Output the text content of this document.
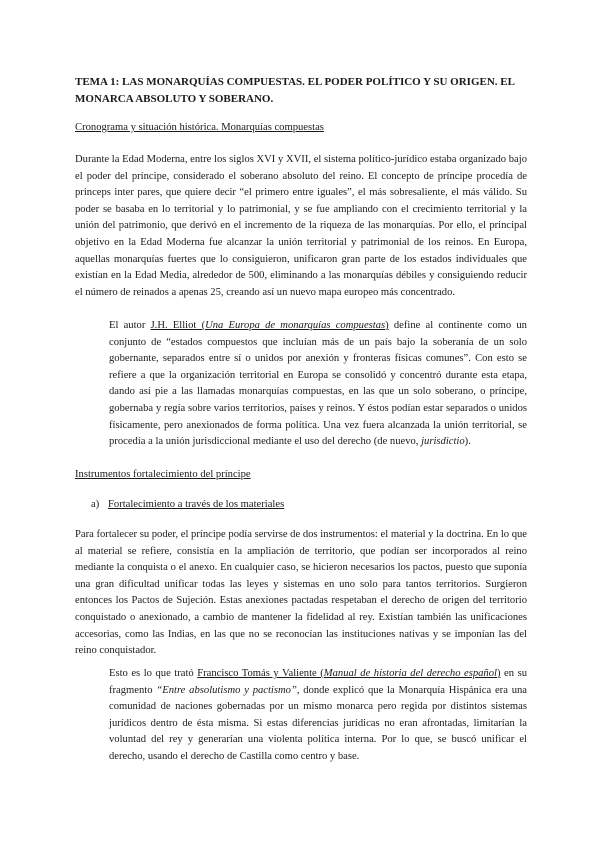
TEMA 1: LAS MONARQUÍAS COMPUESTAS. EL PODER POLÍTICO Y SU ORIGEN. EL MONARCA ABSOLUTO Y SOBERANO.

Cronograma y situación histórica. Monarquías compuestas

Durante la Edad Moderna, entre los siglos XVI y XVII, el sistema político-jurídico estaba organizado bajo el poder del príncipe, considerado el soberano absoluto del reino. El concepto de príncipe procedía de princeps inter pares, que quiere decir “el primero entre iguales”, el más sobresaliente, el más válido. Su poder se basaba en lo territorial y lo patrimonial, y se fue ampliando con el crecimiento territorial y la unión del patrimonio, que derivó en el incremento de la riqueza de las monarquías. Por ello, el principal objetivo en la Edad Moderna fue alcanzar la unión territorial y patrimonial de los reinos. En Europa, aquellas monarquías fuertes que lo consiguieron, unificaron gran parte de los estados individuales que existían en la Edad Media, alrededor de 500, eliminando a las monarquías débiles y consiguiendo reducir el número de reinados a apenas 25, creando así un nuevo mapa europeo más concentrado.

El autor J.H. Elliot (Una Europa de monarquías compuestas) define al continente como un conjunto de “estados compuestos que incluían más de un país bajo la soberanía de un solo gobernante, separados entre sí o unidos por anexión y fronteras físicas comunes”. Con esto se refiere a que la organización territorial en Europa se consolidó y concentró durante esta etapa, dando así pie a las llamadas monarquías compuestas, en las que un solo soberano, o príncipe, gobernaba y regía sobre varios territorios, países y reinos. Y éstos podían estar separados o unidos físicamente, pero anexionados de forma política. Una vez fuera alcanzada la unión territorial, se procedía a la unión jurisdiccional mediante el uso del derecho (de nuevo, jurisdictio).

Instrumentos fortalecimiento del príncipe

a) Fortalecimiento a través de los materiales

Para fortalecer su poder, el príncipe podía servirse de dos instrumentos: el material y la doctrina. En lo que al material se refiere, consistía en la ampliación de territorio, que podían ser incorporados al reino mediante la conquista o el anexo. En cualquier caso, se hicieron necesarios los pactos, puesto que suponía una gran dificultad unificar todas las leyes y sistemas en uno solo para tantos territorios. Surgieron entonces los Pactos de Sujeción. Estas anexiones pactadas respetaban el derecho de origen del territorio conquistado o anexionado, a cambio de mantener la fidelidad al rey. Existían también las unificaciones accesorias, como las Indias, en las que no se reconocían las instituciones nativas y se imponían las del reino conquistador.

Esto es lo que trató Francisco Tomás y Valiente (Manual de historia del derecho español) en su fragmento “Entre absolutismo y pactismo”, donde explicó que la Monarquía Hispánica era una comunidad de naciones gobernadas por un mismo monarca pero regida por distintos sistemas jurídicos dentro de ésta misma. Si estas diferencias jurídicas no eran afrontadas, limitarían la voluntad del rey y generarían una violenta política interna. Por lo que, se buscó unificar el derecho, usando el derecho de Castilla como centro y base.
